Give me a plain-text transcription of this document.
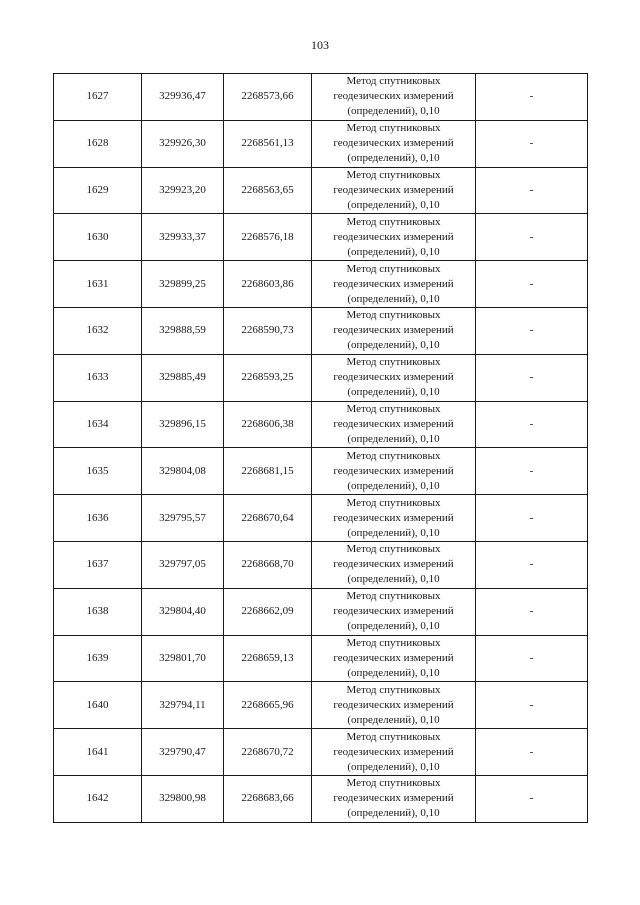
103
1627	329936,47	2268573,66	Метод спутниковых
геодезических измерений
(определений), 0,10	-
1628	329926,30	2268561,13	Метод спутниковых
геодезических измерений
(определений), 0,10	-
1629	329923,20	2268563,65	Метод спутниковых
геодезических измерений
(определений), 0,10	-
1630	329933,37	2268576,18	Метод спутниковых
геодезических измерений
(определений), 0,10	-
1631	329899,25	2268603,86	Метод спутниковых
геодезических измерений
(определений), 0,10	-
1632	329888,59	2268590,73	Метод спутниковых
геодезических измерений
(определений), 0,10	-
1633	329885,49	2268593,25	Метод спутниковых
геодезических измерений
(определений), 0,10	-
1634	329896,15	2268606,38	Метод спутниковых
геодезических измерений
(определений), 0,10	-
1635	329804,08	2268681,15	Метод спутниковых
геодезических измерений
(определений), 0,10	-
1636	329795,57	2268670,64	Метод спутниковых
геодезических измерений
(определений), 0,10	-
1637	329797,05	2268668,70	Метод спутниковых
геодезических измерений
(определений), 0,10	-
1638	329804,40	2268662,09	Метод спутниковых
геодезических измерений
(определений), 0,10	-
1639	329801,70	2268659,13	Метод спутниковых
геодезических измерений
(определений), 0,10	-
1640	329794,11	2268665,96	Метод спутниковых
геодезических измерений
(определений), 0,10	-
1641	329790,47	2268670,72	Метод спутниковых
геодезических измерений
(определений), 0,10	-
1642	329800,98	2268683,66	Метод спутниковых
геодезических измерений
(определений), 0,10	-
